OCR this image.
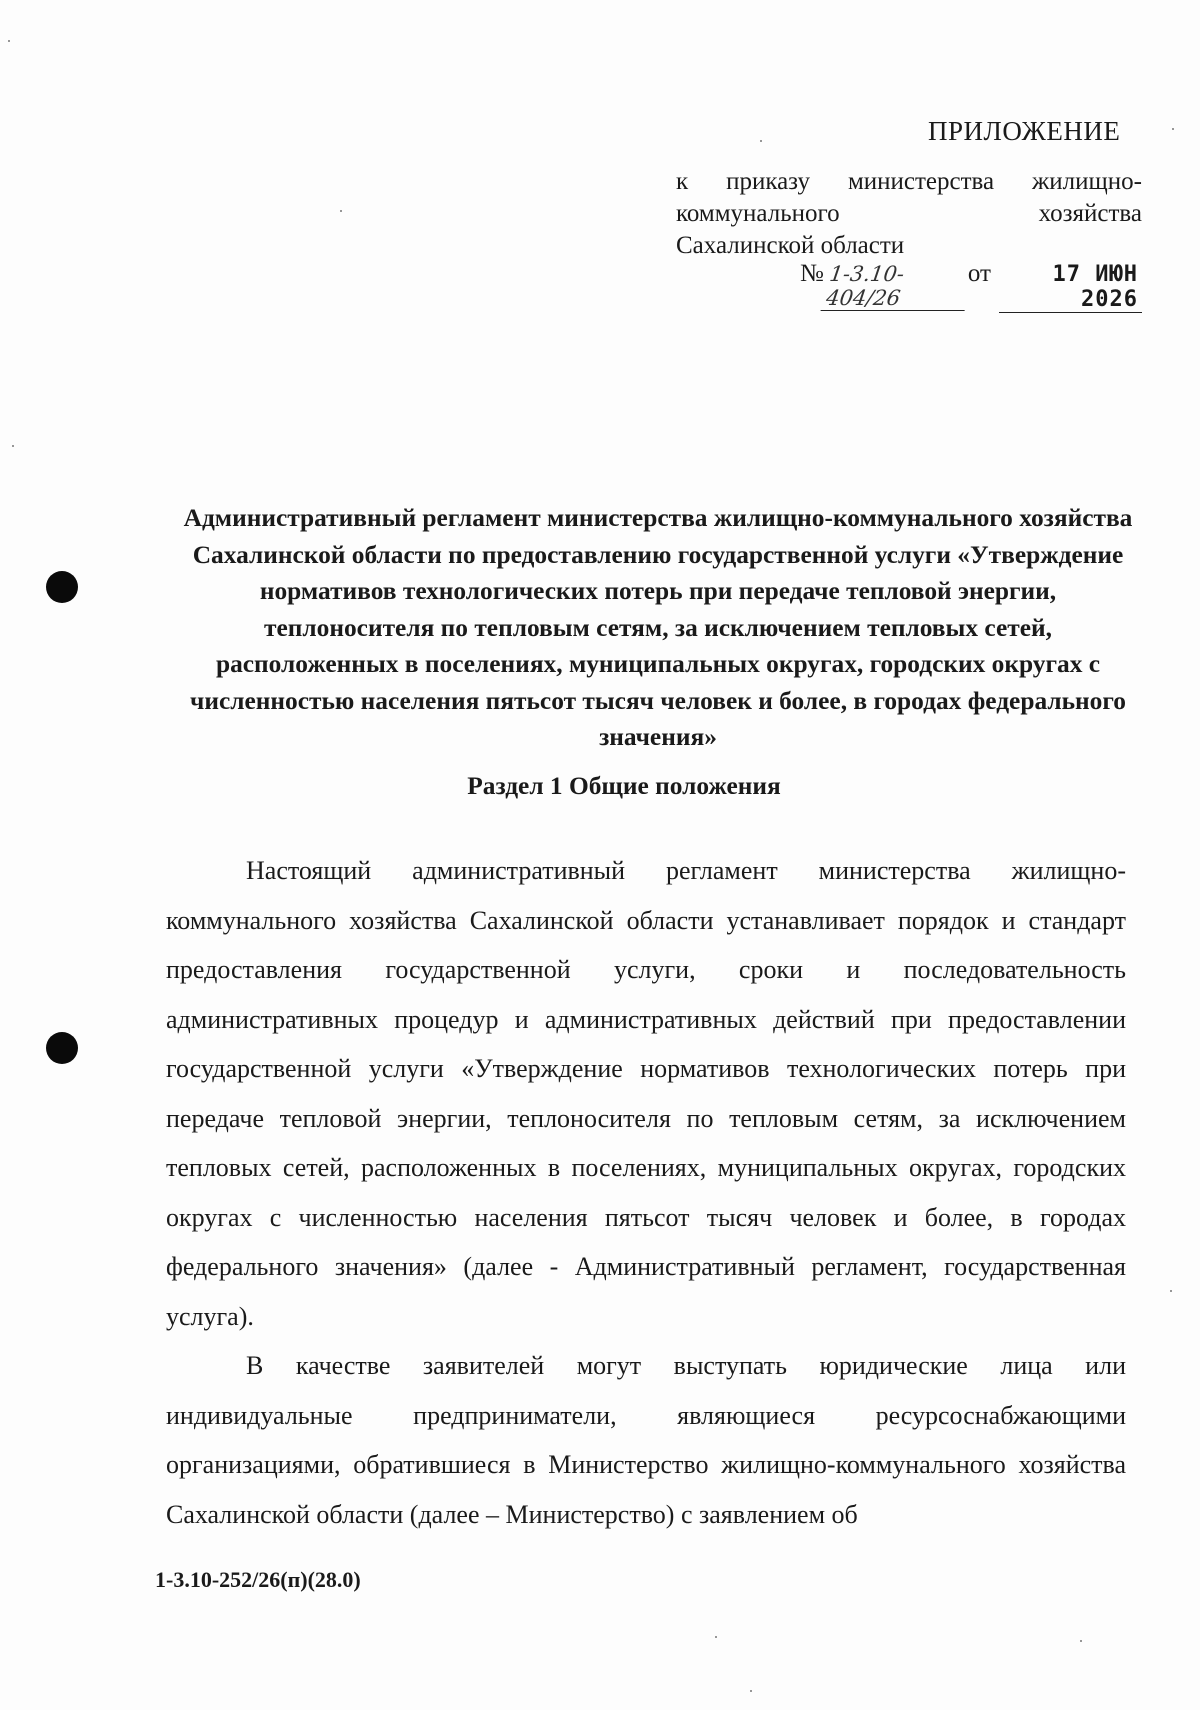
ПРИЛОЖЕНИЕ
к приказу министерства жилищно-
коммунального	хозяйства
Сахалинской области
№ 1-3.10-404/26
от	17 ИЮН 2026
Административный регламент министерства жилищно-коммунального хозяйства Сахалинской области по предоставлению государственной услуги «Утверждение нормативов технологических потерь при передаче тепловой энергии, теплоносителя по тепловым сетям, за исключением тепловых сетей, расположенных в поселениях, муниципальных округах, городских округах с численностью населения пятьсот тысяч человек и более, в городах федерального значения»
Раздел 1 Общие положения

Настоящий административный регламент министерства жилищно-коммунального хозяйства Сахалинской области устанавливает порядок и стандарт предоставления государственной услуги, сроки и последовательность административных процедур и административных действий при предоставлении государственной услуги «Утверждение нормативов технологических потерь при передаче тепловой энергии, теплоносителя по тепловым сетям, за исключением тепловых сетей, расположенных в поселениях, муниципальных округах, городских округах с численностью населения пятьсот тысяч человек и более, в городах федерального значения» (далее - Административный регламент, государственная услуга).

В качестве заявителей могут выступать юридические лица или индивидуальные предприниматели, являющиеся ресурсоснабжающими организациями, обратившиеся в Министерство жилищно-коммунального хозяйства Сахалинской области (далее – Министерство) с заявлением об

1-3.10-252/26(п)(28.0)
